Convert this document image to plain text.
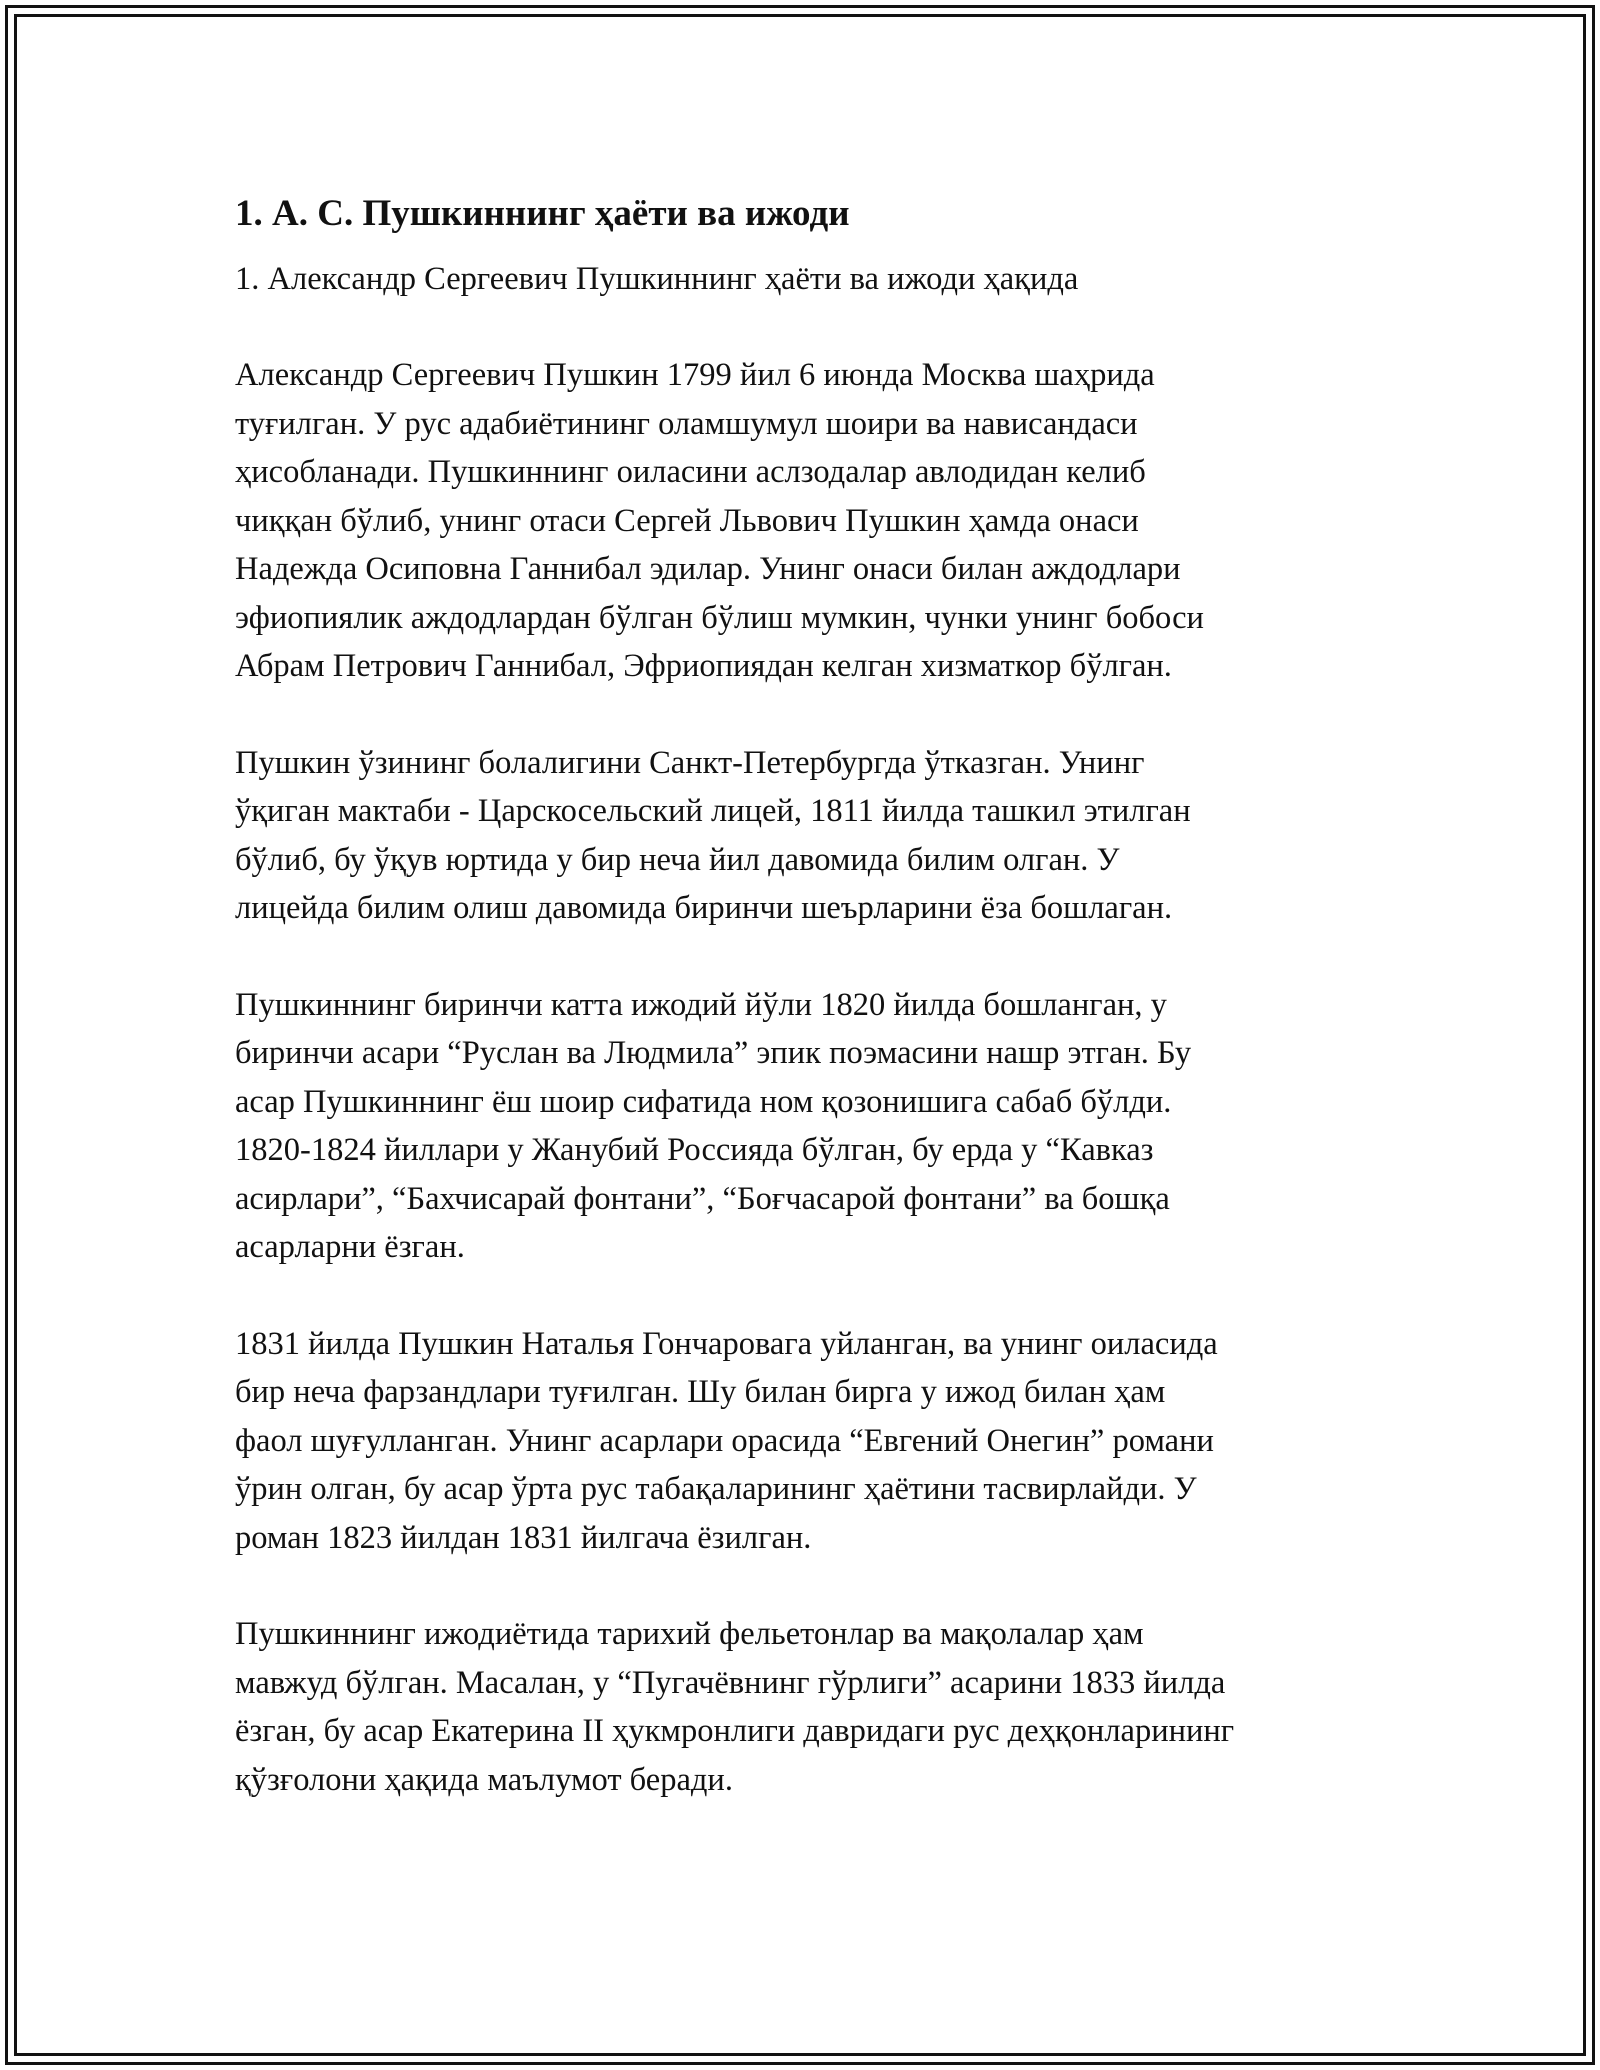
1. А. С. Пушкиннинг ҳаёти ва ижоди

1. Александр Сергеевич Пушкиннинг ҳаёти ва ижоди ҳақида

Александр Сергеевич Пушкин 1799 йил 6 июнда Москва шаҳрида
туғилган. У рус адабиётининг оламшумул шоири ва нависандаси
ҳисобланади. Пушкиннинг оиласини аслзодалар авлодидан келиб
чиққан бўлиб, унинг отаси Сергей Львович Пушкин ҳамда онаси
Надежда Осиповна Ганнибал эдилар. Унинг онаси билан аждодлари
эфиопиялик аждодлардан бўлган бўлиш мумкин, чунки унинг бобоси
Абрам Петрович Ганнибал, Эфриопиядан келган хизматкор бўлган.

Пушкин ўзининг болалигини Санкт-Петербургда ўтказган. Унинг
ўқиган мактаби - Царскосельский лицей, 1811 йилда ташкил этилган
бўлиб, бу ўқув юртида у бир неча йил давомида билим олган. У
лицейда билим олиш давомида биринчи шеърларини ёза бошлаган.

Пушкиннинг биринчи катта ижодий йўли 1820 йилда бошланган, у
биринчи асари “Руслан ва Людмила” эпик поэмасини нашр этган. Бу
асар Пушкиннинг ёш шоир сифатида ном қозонишига сабаб бўлди.
1820-1824 йиллари у Жанубий Россияда бўлган, бу ерда у “Кавказ
асирлари”, “Бахчисарай фонтани”, “Боғчасарой фонтани” ва бошқа
асарларни ёзган.

1831 йилда Пушкин Наталья Гончаровага уйланган, ва унинг оиласида
бир неча фарзандлари туғилган. Шу билан бирга у ижод билан ҳам
фаол шуғулланган. Унинг асарлари орасида “Евгений Онегин” романи
ўрин олган, бу асар ўрта рус табақаларининг ҳаётини тасвирлайди. У
роман 1823 йилдан 1831 йилгача ёзилган.

Пушкиннинг ижодиётида тарихий фельетонлар ва мақолалар ҳам
мавжуд бўлган. Масалан, у “Пугачёвнинг гўрлиги” асарини 1833 йилда
ёзган, бу асар Екатерина II ҳукмронлиги давридаги рус деҳқонларининг
қўзғолони ҳақида маълумот беради.
